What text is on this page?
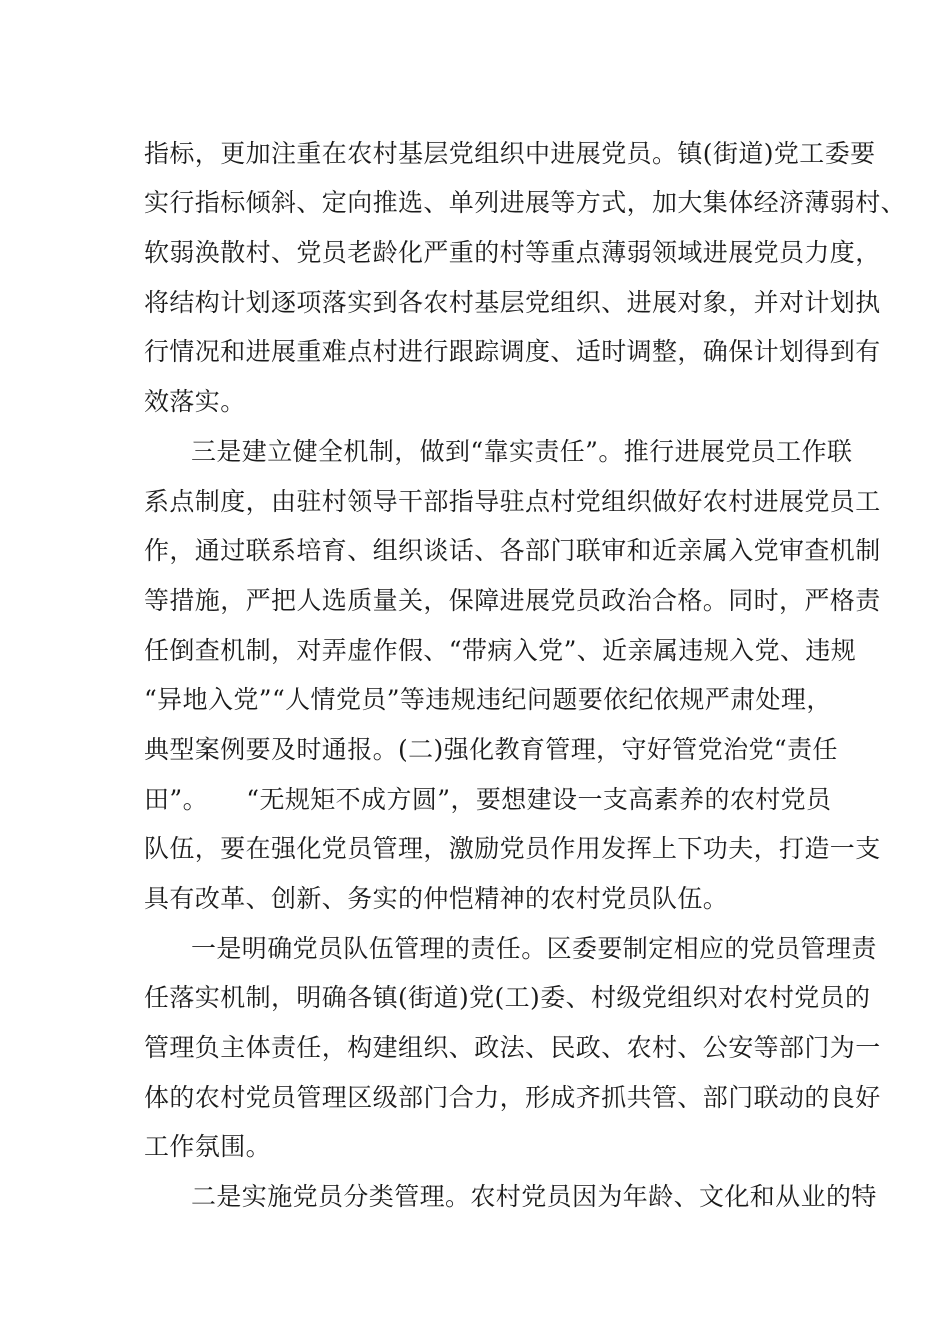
指标，更加注重在农村基层党组织中进展党员。镇(街道)党工委要
实行指标倾斜、定向推选、单列进展等方式，加大集体经济薄弱村、
软弱涣散村、党员老龄化严重的村等重点薄弱领域进展党员力度，
将结构计划逐项落实到各农村基层党组织、进展对象，并对计划执
行情况和进展重难点村进行跟踪调度、适时调整，确保计划得到有
效落实。
三是建立健全机制，做到“靠实责任”。推行进展党员工作联
系点制度，由驻村领导干部指导驻点村党组织做好农村进展党员工
作，通过联系培育、组织谈话、各部门联审和近亲属入党审查机制
等措施，严把人选质量关，保障进展党员政治合格。同时，严格责
任倒查机制，对弄虚作假、“带病入党”、近亲属违规入党、违规
“异地入党”“人情党员”等违规违纪问题要依纪依规严肃处理，
典型案例要及时通报。(二)强化教育管理，守好管党治党“责任
田”。　　“无规矩不成方圆”，要想建设一支高素养的农村党员
队伍，要在强化党员管理，激励党员作用发挥上下功夫，打造一支
具有改革、创新、务实的仲恺精神的农村党员队伍。
一是明确党员队伍管理的责任。区委要制定相应的党员管理责
任落实机制，明确各镇(街道)党(工)委、村级党组织对农村党员的
管理负主体责任，构建组织、政法、民政、农村、公安等部门为一
体的农村党员管理区级部门合力，形成齐抓共管、部门联动的良好
工作氛围。
二是实施党员分类管理。农村党员因为年龄、文化和从业的特
